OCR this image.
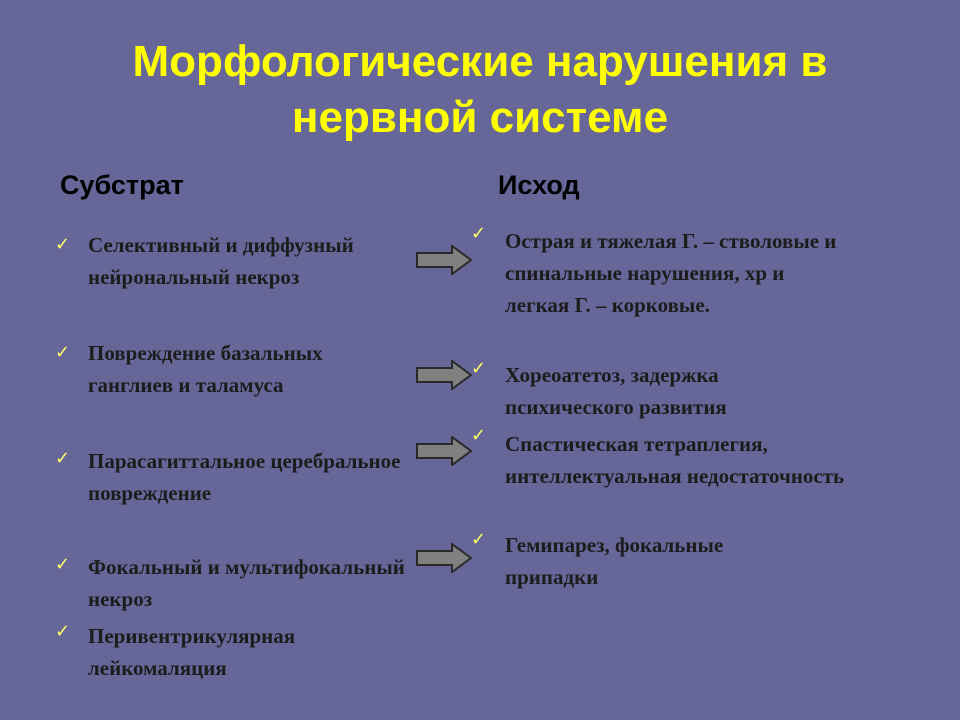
Морфологические нарушения в нервной системе
Субстрат	Исход
✓ Селективный и диффузный нейрональный некроз
✓ Повреждение базальных ганглиев и таламуса
✓ Парасагиттальное церебральное повреждение
✓ Фокальный и мультифокальный некроз
✓ Перивентрикулярная лейкомаляция
✓ Острая и тяжелая Г. – стволовые и спинальные нарушения, хр и легкая Г. – корковые.
✓ Хореоатетоз, задержка психического развития
✓ Спастическая тетраплегия, интеллектуальная недостаточность
✓ Гемипарез, фокальные припадки
